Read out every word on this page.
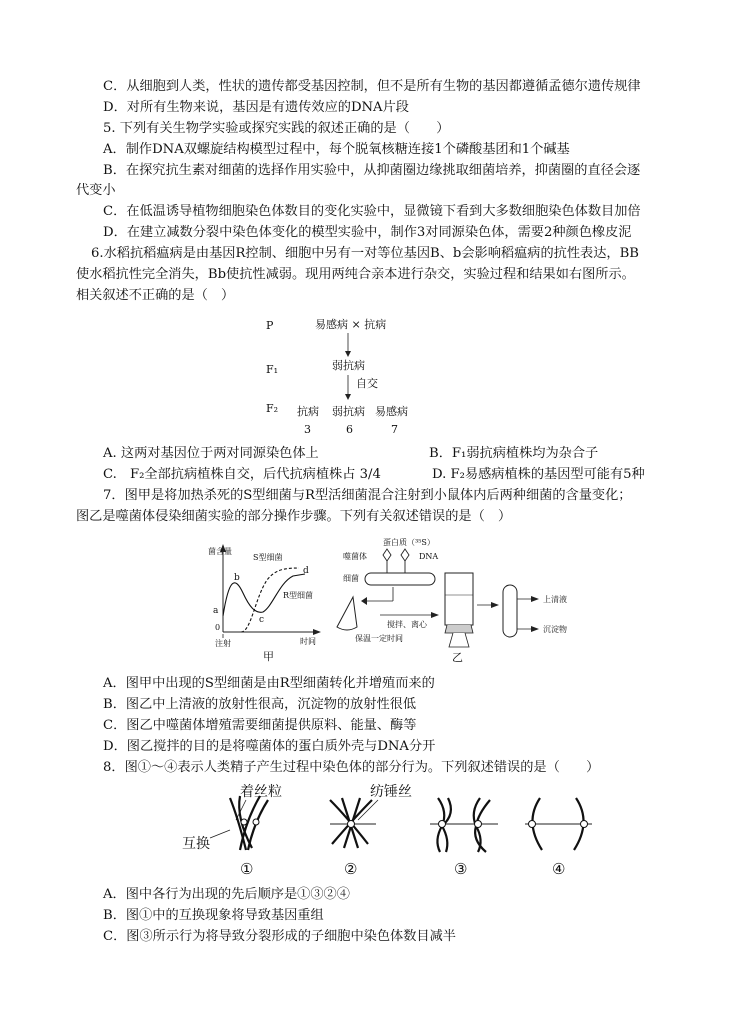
C．从细胞到人类，性状的遗传都受基因控制，但不是所有生物的基因都遵循孟德尔遗传规律
D．对所有生物来说，基因是有遗传效应的DNA片段
5. 下列有关生物学实验或探究实践的叙述正确的是（　　）
A．制作DNA双螺旋结构模型过程中，每个脱氧核糖连接1个磷酸基团和1个碱基
B．在探究抗生素对细菌的选择作用实验中，从抑菌圈边缘挑取细菌培养，抑菌圈的直径会逐
代变小
C．在低温诱导植物细胞染色体数目的变化实验中，显微镜下看到大多数细胞染色体数目加倍
D．在建立减数分裂中染色体变化的模型实验中，制作3对同源染色体，需要2种颜色橡皮泥
6.水稻抗稻瘟病是由基因R控制、细胞中另有一对等位基因B、b会影响稻瘟病的抗性表达，BB
使水稻抗性完全消失，Bb使抗性减弱。现用两纯合亲本进行杂交，实验过程和结果如右图所示。
相关叙述不正确的是（　）
P	易感病 × 抗病
F₁	弱抗病
自交
F₂ 抗病 弱抗病 易感病
3	6	7
A. 这两对基因位于两对同源染色体上	B．F₁弱抗病植株均为杂合子
C.　F₂全部抗病植株自交，后代抗病植株占 3/4	D. F₂易感病植株的基因型可能有5种
7．图甲是将加热杀死的S型细菌与R型活细菌混合注射到小鼠体内后两种细菌的含量变化；
图乙是噬菌体侵染细菌实验的部分操作步骤。下列有关叙述错误的是（　）
菌含量
S型细菌
R型细菌
b
a
c
d
0
注射	时间
甲
蛋白质（³⁵S）
DNA
噬菌体
细菌
保温一定时间
搅拌、离心
上清液
沉淀物
乙
A．图甲中出现的S型细菌是由R型细菌转化并增殖而来的
B．图乙中上清液的放射性很高，沉淀物的放射性很低
C．图乙中噬菌体增殖需要细菌提供原料、能量、酶等
D．图乙搅拌的目的是将噬菌体的蛋白质外壳与DNA分开
8．图①～④表示人类精子产生过程中染色体的部分行为。下列叙述错误的是（　　）
着丝粒	纺锤丝
互换
①	②	③	④
A．图中各行为出现的先后顺序是①③②④
B．图①中的互换现象将导致基因重组
C．图③所示行为将导致分裂形成的子细胞中染色体数目减半
